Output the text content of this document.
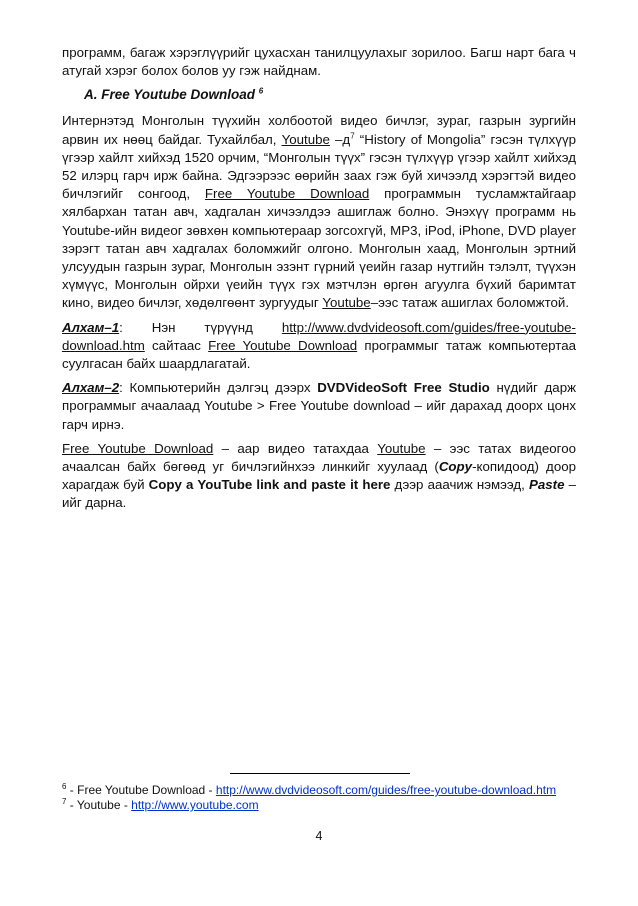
программ, багаж хэрэглүүрийг цухасхан танилцуулахыг зорилоо. Багш нарт бага ч атугай хэрэг болох болов уу гэж найднам.

A. Free Youtube Download $^6$

Интернэтэд Монголын түүхийн холбоотой видео бичлэг, зураг, газрын зургийн арвин их нөөц байдаг. Тухайлбал, Youtube $-д^7$ “History of Mongolia” гэсэн түлхүүр үгээр хайлт хийхэд 1520 орчим, “Монголын түүх” гэсэн түлхүүр үгээр хайлт хийхэд 52 илэрц гарч ирж байна. Эдгээрээс өөрийн заах гэж буй хичээлд хэрэгтэй видео бичлэгийг сонгоод, Free Youtube Download программын тусламжтайгаар хялбархан татан авч, хадгалан хичээлдээ ашиглаж болно. Энэхүү программ нь Youtube-ийн видеог зөвхөн компьютераар зогсохгүй, MP3, iPod, iPhone, DVD player зэрэгт татан авч хадгалах боломжийг олгоно. Монголын хаад, Монголын эртний улсуудын газрын зураг, Монголын эзэнт гүрний үеийн газар нутгийн тэлэлт, түүхэн хүмүүс, Монголын ойрхи үеийн түүх гэх мэтчлэн өргөн агуулга бүхий баримтат кино, видео бичлэг, хөдөлгөөнт зургуудыг Youtube–ээс татаж ашиглах боломжтой.

Алхам–1: Нэн түрүүнд http://www.dvdvideosoft.com/guides/free-youtube-download.htm сайтаас Free Youtube Download программыг татаж компьютертаа суулгасан байх шаардлагатай.

Алхам–2: Компьютерийн дэлгэц дээрх DVDVideoSoft Free Studio нүдийг дарж программыг ачаалаад Youtube > Free Youtube download – ийг дарахад доорх цонх гарч ирнэ.

Free Youtube Download – аар видео татахдаа Youtube – ээс татах видеогоо ачаалсан байх бөгөөд уг бичлэгийнхээ линкийг хуулаад (Copy-копидоод) доор харагдаж буй Copy a YouTube link and paste it here дээр ааачиж нэмээд, Paste – ийг дарна.

$^6$ - Free Youtube Download - http://www.dvdvideosoft.com/guides/free-youtube-download.htm
$^7$ - Youtube - http://www.youtube.com
4
